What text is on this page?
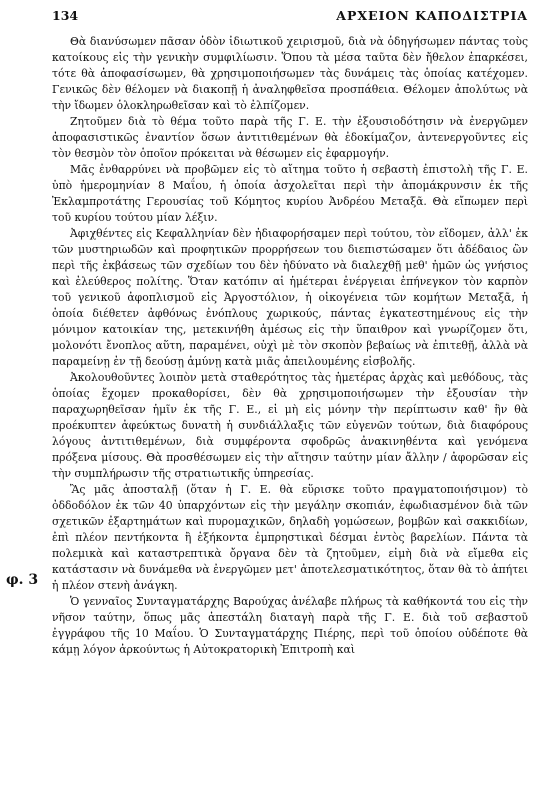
134	ΑΡΧΕΙΟΝ ΚΑΠΟΔΙΣΤΡΙΑ
φ. 3

Θὰ διανύσωμεν πᾶσαν ὁδὸν ἰδιωτικοῦ χειρισμοῦ, διὰ νὰ ὁδηγήσωμεν πάντας τοὺς κατοίκους εἰς τὴν γενικὴν συμφιλίωσιν. Ὅπου τὰ μέσα ταῦτα δὲν ἤθελον ἐπαρκέσει, τότε θὰ ἀποφασίσωμεν, θὰ χρησιμοποιήσωμεν τὰς δυνάμεις τὰς ὁποίας κατέχομεν. Γενικῶς δὲν θέλομεν νὰ διακοπῇ ἡ ἀναληφθεῖσα προσπάθεια. Θέλομεν ἀπολύτως νὰ τὴν ἴδωμεν ὁλοκληρωθεῖσαν καὶ τὸ ἐλπίζομεν.

Ζητοῦμεν διὰ τὸ θέμα τοῦτο παρὰ τῆς Γ. Ε. τὴν ἐξουσιοδότησιν νὰ ἐνεργῶμεν ἀποφασιστικῶς ἐναντίον ὅσων ἀντιτιθεμένων θὰ ἐδοκίμαζον, ἀντενεργοῦντες εἰς τὸν θεσμὸν τὸν ὁποῖον πρόκειται νὰ θέσωμεν εἰς ἐφαρμογήν.

Μᾶς ἐνθαρρύνει νὰ προβῶμεν εἰς τὸ αἴτημα τοῦτο ἡ σεβαστὴ ἐπιστολὴ τῆς Γ. Ε. ὑπὸ ἡμερομηνίαν 8 Μαΐου, ἡ ὁποία ἀσχολεῖται περὶ τὴν ἀπομάκρυνσιν ἐκ τῆς Ἐκλαμπροτάτης Γερουσίας τοῦ Κόμητος κυρίου Ἀνδρέου Μεταξᾶ. Θὰ εἴπωμεν περὶ τοῦ κυρίου τούτου μίαν λέξιν.

Ἀφιχθέντες εἰς Κεφαλληνίαν δὲν ἠδιαφορήσαμεν περὶ τούτου, τὸν εἴδομεν, ἀλλ' ἐκ τῶν μυστηριωδῶν καὶ προφητικῶν προρρήσεων του διεπιστώσαμεν ὅτι ἀδέδαιος ὢν περὶ τῆς ἐκβάσεως τῶν σχεδίων του δὲν ἠδύνατο νὰ διαλεχθῇ μεθ' ἡμῶν ὡς γνήσιος καὶ ἐλεύθερος πολίτης. Ὅταν κατόπιν αἱ ἡμέτεραι ἐνέργειαι ἐπήνεγκον τὸν καρπὸν τοῦ γενικοῦ ἀφοπλισμοῦ εἰς Ἀργοστόλιον, ἡ οἰκογένεια τῶν κομήτων Μεταξᾶ, ἡ ὁποία διέθετεν ἀφθόνως ἐνόπλους χωρικούς, πάντας ἐγκατεστημένους εἰς τὴν μόνιμον κατοικίαν της, μετεκινήθη ἀμέσως εἰς τὴν ὕπαιθρον καὶ γνωρίζομεν ὅτι, μολονότι ἔνοπλος αὕτη, παραμένει, οὐχὶ μὲ τὸν σκοπὸν βεβαίως νὰ ἐπιτεθῇ, ἀλλὰ νὰ παραμείνῃ ἐν τῇ δεούσῃ ἀμύνῃ κατὰ μιᾶς ἀπειλουμένης εἰσβολῆς.

Ἀκολουθοῦντες λοιπὸν μετὰ σταθερότητος τὰς ἡμετέρας ἀρχὰς καὶ μεθόδους, τὰς ὁποίας ἔχομεν προκαθορίσει, δὲν θὰ χρησιμοποιήσωμεν τὴν ἐξουσίαν τὴν παραχωρηθεῖσαν ἡμῖν ἐκ τῆς Γ. Ε., εἰ μὴ εἰς μόνην τὴν περίπτωσιν καθ' ἣν θὰ προέκυπτεν ἀφεύκτως δυνατὴ ἡ συνδιάλλαξις τῶν εὐγενῶν τούτων, διὰ διαφόρους λόγους ἀντιτιθεμένων, διὰ συμφέροντα σφοδρῶς ἀνακινηθέντα καὶ γενόμενα πρόξενα μίσους. Θὰ προσθέσωμεν εἰς τὴν αἴτησιν ταύτην μίαν ἄλλην / ἀφορῶσαν εἰς τὴν συμπλήρωσιν τῆς στρατιωτικῆς ὑπηρεσίας.

Ἂς μᾶς ἀποσταλῇ (ὅταν ἡ Γ. Ε. θὰ εὕρισκε τοῦτο πραγματοποιήσιμον) τὸ ὀδδοδόλον ἐκ τῶν 40 ὑπαρχόντων εἰς τὴν μεγάλην σκοπιάν, ἐφωδιασμένον διὰ τῶν σχετικῶν ἐξαρτημάτων καὶ πυρομαχικῶν, δηλαδὴ γομώσεων, βομβῶν καὶ σακκιδίων, ἐπὶ πλέον πεντήκοντα ἢ ἑξήκοντα ἐμπρηστικαὶ δέσμαι ἐντὸς βαρελίων. Πάντα τὰ πολεμικὰ καὶ καταστρεπτικὰ ὄργανα δὲν τὰ ζητοῦμεν, εἰμὴ διὰ νὰ εἴμεθα εἰς κατάστασιν νὰ δυνάμεθα νὰ ἐνεργῶμεν μετ' ἀποτελεσματικότητος, ὅταν θὰ τὸ ἀπήτει ἡ πλέον στενὴ ἀνάγκη.

Ὁ γενναῖος Συνταγματάρχης Βαρούχας ἀνέλαβε πλήρως τὰ καθήκοντά του εἰς τὴν νῆσον ταύτην, ὅπως μᾶς ἀπεστάλη διαταγὴ παρὰ τῆς Γ. Ε. διὰ τοῦ σεβαστοῦ ἐγγράφου τῆς 10 Μαΐου. Ὁ Συνταγματάρχης Πιέρης, περὶ τοῦ ὁποίου οὐδέποτε θὰ κάμῃ λόγον ἀρκούντως ἡ Αὐτοκρατορικὴ Ἐπιτροπὴ καὶ
